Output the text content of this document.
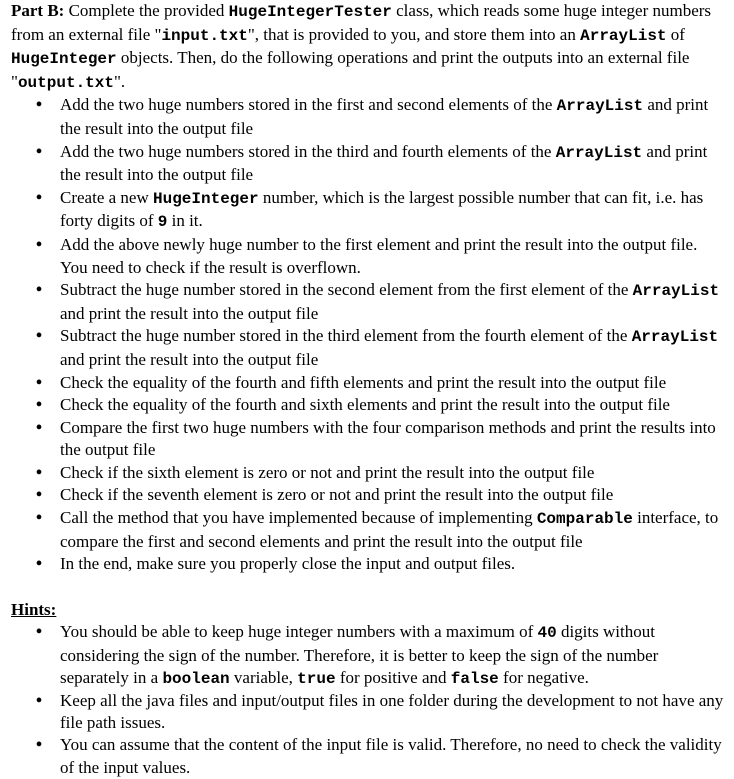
Part B: Complete the provided HugeIntegerTester class, which reads some huge integer numbers from an external file "input.txt", that is provided to you, and store them into an ArrayList of HugeInteger objects. Then, do the following operations and print the outputs into an external file "output.txt".

•
Add the two huge numbers stored in the first and second elements of the ArrayList and print the result into the output file
•
Add the two huge numbers stored in the third and fourth elements of the ArrayList and print the result into the output file
•
Create a new HugeInteger number, which is the largest possible number that can fit, i.e. has forty digits of 9 in it.
•
Add the above newly huge number to the first element and print the result into the output file. You need to check if the result is overflown.
•
Subtract the huge number stored in the second element from the first element of the ArrayList and print the result into the output file
•
Subtract the huge number stored in the third element from the fourth element of the ArrayList and print the result into the output file
•
Check the equality of the fourth and fifth elements and print the result into the output file
•
Check the equality of the fourth and sixth elements and print the result into the output file
•
Compare the first two huge numbers with the four comparison methods and print the results into the output file
•
Check if the sixth element is zero or not and print the result into the output file
•
Check if the seventh element is zero or not and print the result into the output file
•
Call the method that you have implemented because of implementing Comparable interface, to compare the first and second elements and print the result into the output file
•
In the end, make sure you properly close the input and output files.
Hints:
•
You should be able to keep huge integer numbers with a maximum of 40 digits without considering the sign of the number. Therefore, it is better to keep the sign of the number separately in a boolean variable, true for positive and false for negative.
•
Keep all the java files and input/output files in one folder during the development to not have any file path issues.
•
You can assume that the content of the input file is valid. Therefore, no need to check the validity of the input values.
